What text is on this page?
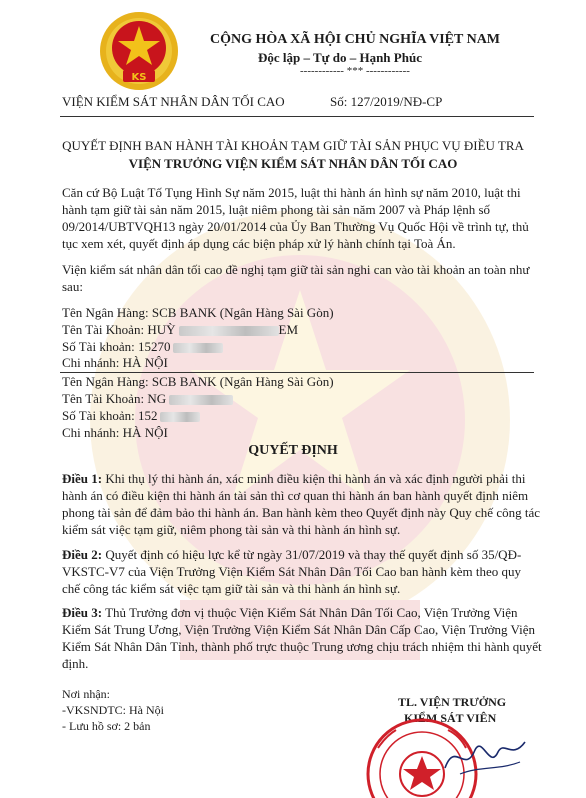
KS
CỘNG HÒA XÃ HỘI CHỦ NGHĨA VIỆT NAM
Độc lập – Tự do – Hạnh Phúc
------------ *** ------------
VIỆN KIỂM SÁT NHÂN DÂN TỐI CAO	Số: 127/2019/NĐ-CP
QUYẾT ĐỊNH BAN HÀNH TÀI KHOẢN TẠM GIỮ TÀI SẢN PHỤC VỤ ĐIỀU TRA
VIỆN TRƯỞNG VIỆN KIỂM SÁT NHÂN DÂN TỐI CAO
Căn cứ Bộ Luật Tố Tụng Hình Sự năm 2015, luật thi hành án hình sự năm 2010, luật thi
hành tạm giữ tài sản năm 2015, luật niêm phong tài sản năm 2007 và Pháp lệnh số
09/2014/UBTVQH13 ngày 20/01/2014 của Ủy Ban Thường Vụ Quốc Hội về trình tự, thủ
tục xem xét, quyết định áp dụng các biện pháp xử lý hành chính tại Toà Án.
Viện kiểm sát nhân dân tối cao đề nghị tạm giữ tài sản nghi can vào tài khoản an toàn như
sau:
Tên Ngân Hàng: SCB BANK (Ngân Hàng Sài Gòn)
Tên Tài Khoản: HUỲ	EM
Số Tài khoản: 15270
Chi nhánh: HÀ NỘI
Tên Ngân Hàng: SCB BANK (Ngân Hàng Sài Gòn)
Tên Tài Khoản: NG
Số Tài khoản: 152
Chi nhánh: HÀ NỘI
QUYẾT ĐỊNH
Điều 1: Khi thụ lý thi hành án, xác minh điều kiện thi hành án và xác định người phải thi
hành án có điều kiện thi hành án tài sản thì cơ quan thi hành án ban hành quyết định niêm
phong tài sản để đảm bảo thi hành án. Ban hành kèm theo Quyết định này Quy chế công tác
kiểm sát việc tạm giữ, niêm phong tài sản và thi hành án hình sự.
Điều 2: Quyết định có hiệu lực kể từ ngày 31/07/2019 và thay thế quyết định số 35/QĐ-
VKSTC-V7 của Viện Trưởng Viện Kiểm Sát Nhân Dân Tối Cao ban hành kèm theo quy
chế công tác kiểm sát việc tạm giữ tài sản và thi hành án hình sự.
Điều 3: Thủ Trưởng đơn vị thuộc Viện Kiểm Sát Nhân Dân Tối Cao, Viện Trưởng Viện
Kiểm Sát Trung Ương, Viện Trưởng Viện Kiểm Sát Nhân Dân Cấp Cao, Viện Trưởng Viện
Kiểm Sát Nhân Dân Tỉnh, thành phố trực thuộc Trung ương chịu trách nhiệm thi hành quyết
định.
Nơi nhận:
-VKSNDTC: Hà Nội
- Lưu hồ sơ: 2 bản
TL. VIỆN TRƯỞNG
KIỂM SÁT VIÊN
